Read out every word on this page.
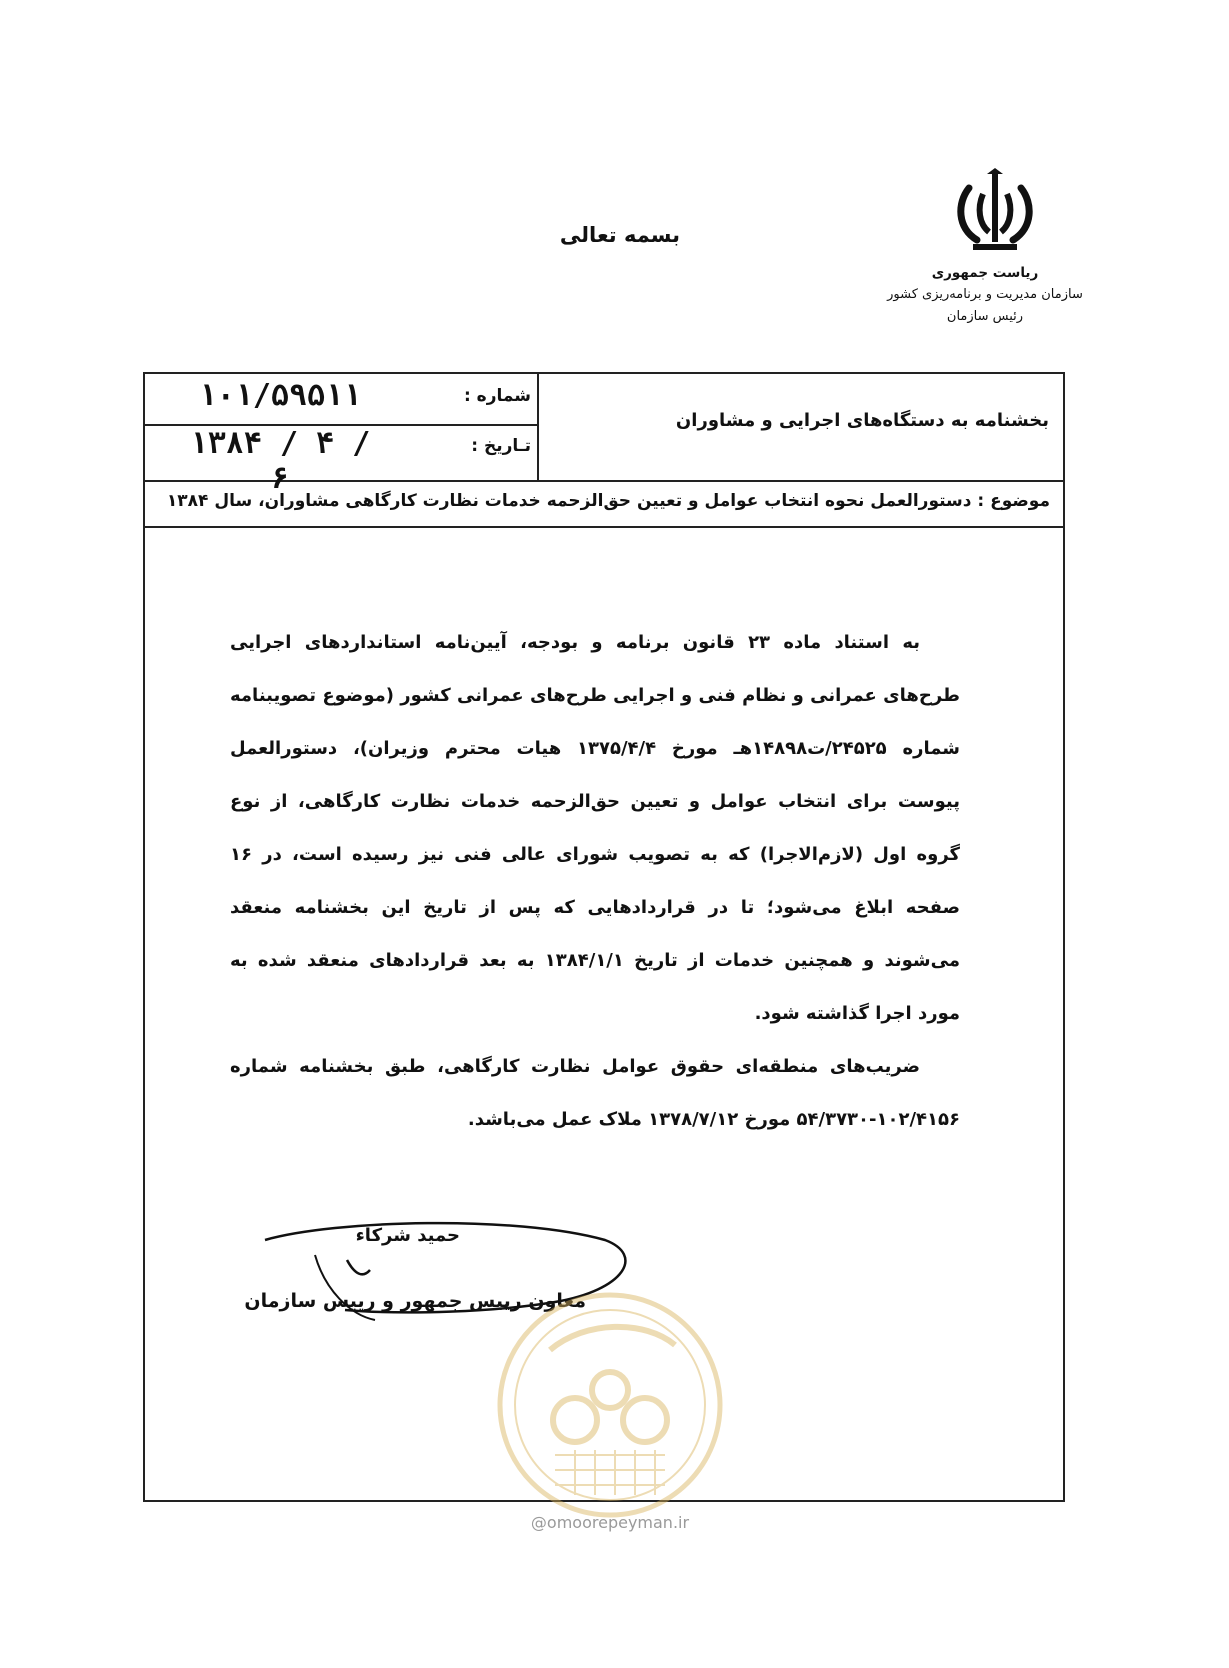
ریاست جمهوری
سازمان مدیریت و برنامه‌ریزی کشور
رئیس سازمان
بسمه تعالی
بخشنامه به دستگاه‌های اجرایی و مشاوران
شماره :
۱۰۱/۵۹۵۱۱
تـاریخ :
۱۳۸۴ / ۴ / ۶
موضوع : دستورالعمل نحوه انتخاب عوامل و تعیین حق‌الزحمه خدمات نظارت کارگاهی مشاوران، سال ۱۳۸۴

به استناد ماده ۲۳ قانون برنامه و بودجه، آیین‌نامه استانداردهای اجرایی طرح‌های عمرانی و نظام فنی و اجرایی طرح‌های عمرانی کشور (موضوع تصویبنامه شماره ۲۴۵۲۵/ت۱۴۸۹۸هـ مورخ ۱۳۷۵/۴/۴ هیات محترم وزیران)، دستورالعمل پیوست برای انتخاب عوامل و تعیین حق‌الزحمه خدمات نظارت کارگاهی، از نوع گروه اول (لازم‌الاجرا) که به تصویب شورای عالی فنی نیز رسیده است، در ۱۶ صفحه ابلاغ می‌شود؛ تا در قراردادهایی که پس از تاریخ این بخشنامه منعقد می‌شوند و همچنین خدمات از تاریخ ۱۳۸۴/۱/۱ به بعد قراردادهای منعقد شده به مورد اجرا گذاشته شود.

ضریب‌های منطقه‌ای حقوق عوامل نظارت کارگاهی، طبق بخشنامه شماره ۱۰۲/۴۱۵۶-۵۴/۳۷۳۰ مورخ ۱۳۷۸/۷/۱۲ ملاک عمل می‌باشد.

حمید شرکاء
معاون رییس جمهور و رییس سازمان
@omoorepeyman.ir
